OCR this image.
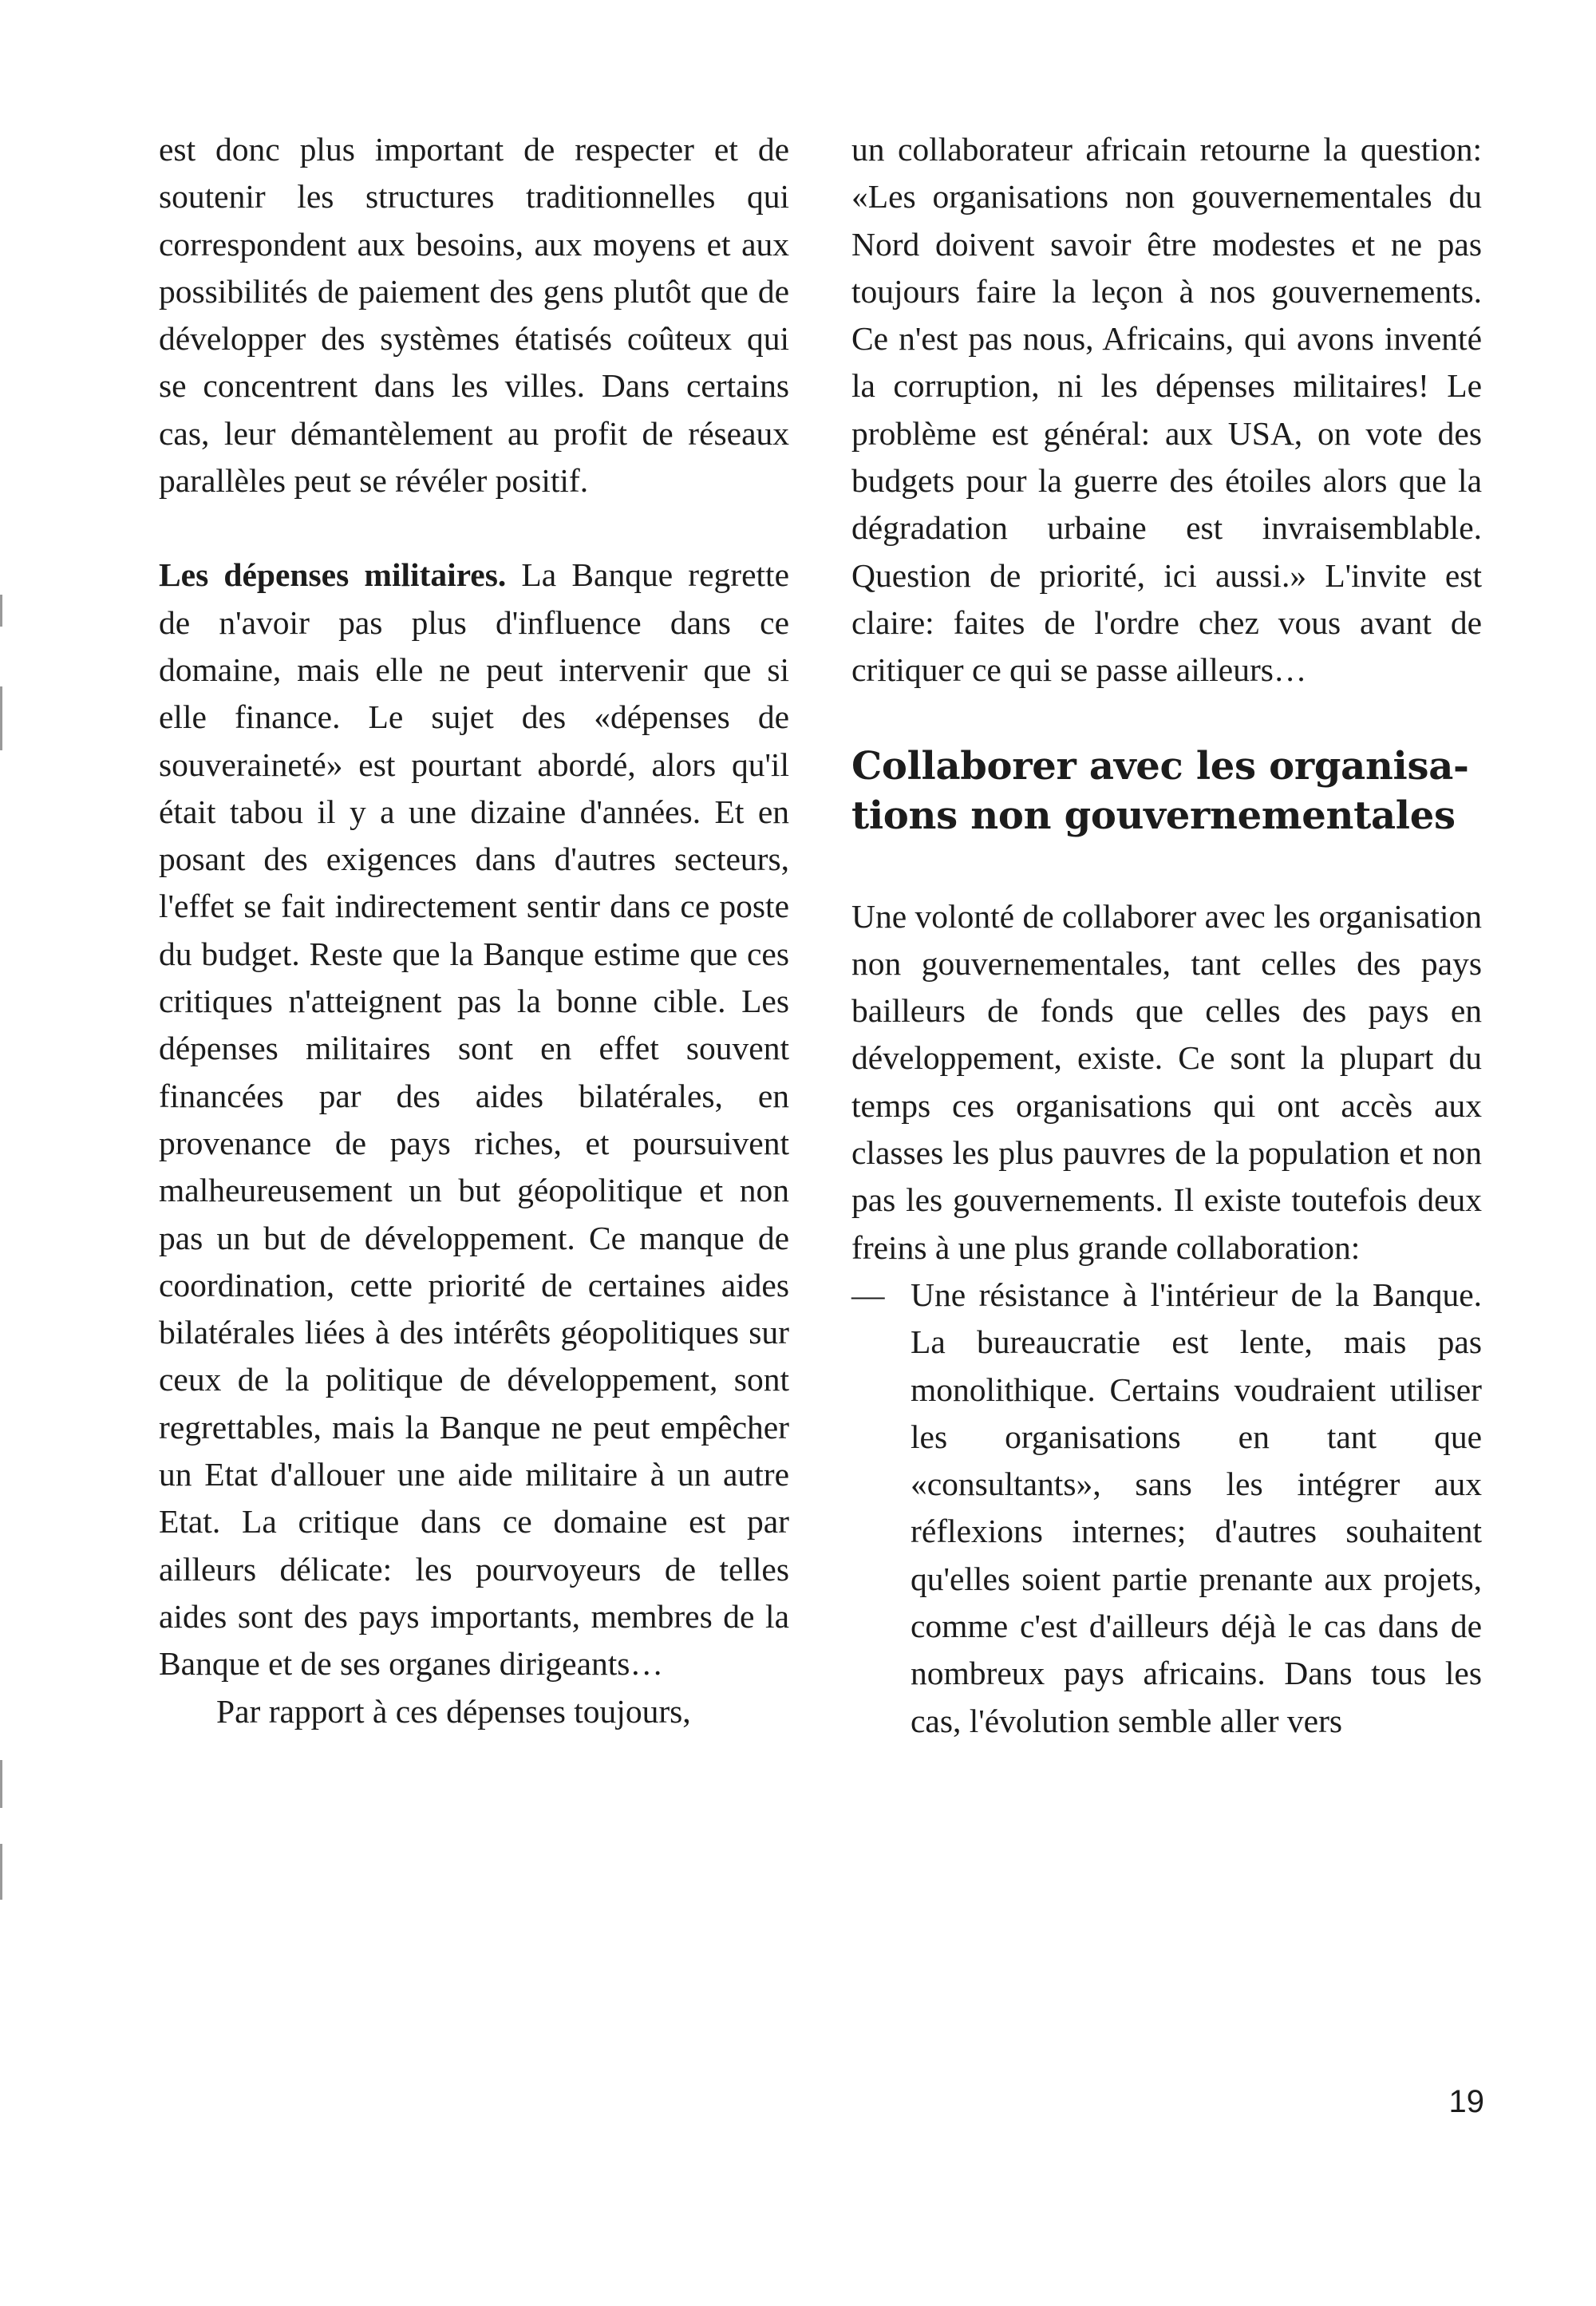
est donc plus important de respecter et de soutenir les structures traditionnelles qui correspondent aux besoins, aux moyens et aux possibilités de paiement des gens plutôt que de développer des systèmes étatisés coûteux qui se concentrent dans les villes. Dans certains cas, leur démantèlement au profit de réseaux parallèles peut se révéler positif.

Les dépenses militaires. La Banque regrette de n'avoir pas plus d'influence dans ce domaine, mais elle ne peut intervenir que si elle finance. Le sujet des «dépenses de souveraineté» est pourtant abordé, alors qu'il était tabou il y a une dizaine d'années. Et en posant des exigences dans d'autres secteurs, l'effet se fait indirectement sentir dans ce poste du budget. Reste que la Banque estime que ces critiques n'atteignent pas la bonne cible. Les dépenses militaires sont en effet souvent financées par des aides bilatérales, en provenance de pays riches, et poursuivent malheureusement un but géopolitique et non pas un but de développement. Ce manque de coordination, cette priorité de certaines aides bilatérales liées à des intérêts géopolitiques sur ceux de la politique de développement, sont regrettables, mais la Banque ne peut empêcher un Etat d'allouer une aide militaire à un autre Etat. La critique dans ce domaine est par ailleurs délicate: les pourvoyeurs de telles aides sont des pays importants, membres de la Banque et de ses organes dirigeants…

Par rapport à ces dépenses toujours,

un collaborateur africain retourne la question: «Les organisations non gouvernementales du Nord doivent savoir être modestes et ne pas toujours faire la leçon à nos gouvernements. Ce n'est pas nous, Africains, qui avons inventé la corruption, ni les dépenses militaires! Le problème est général: aux USA, on vote des budgets pour la guerre des étoiles alors que la dégradation urbaine est invraisemblable. Question de priorité, ici aussi.» L'invite est claire: faites de l'ordre chez vous avant de critiquer ce qui se passe ailleurs…

Collaborer avec les organisa-
tions non gouvernementales

Une volonté de collaborer avec les organisation non gouvernementales, tant celles des pays bailleurs de fonds que celles des pays en développement, existe. Ce sont la plupart du temps ces organisations qui ont accès aux classes les plus pauvres de la population et non pas les gouvernements. Il existe toutefois deux freins à une plus grande collaboration:

— Une résistance à l'intérieur de la Banque. La bureaucratie est lente, mais pas monolithique. Certains voudraient utiliser les organisations en tant que «consultants», sans les intégrer aux réflexions internes; d'autres souhaitent qu'elles soient partie prenante aux projets, comme c'est d'ailleurs déjà le cas dans de nombreux pays africains. Dans tous les cas, l'évolution semble aller vers
19
